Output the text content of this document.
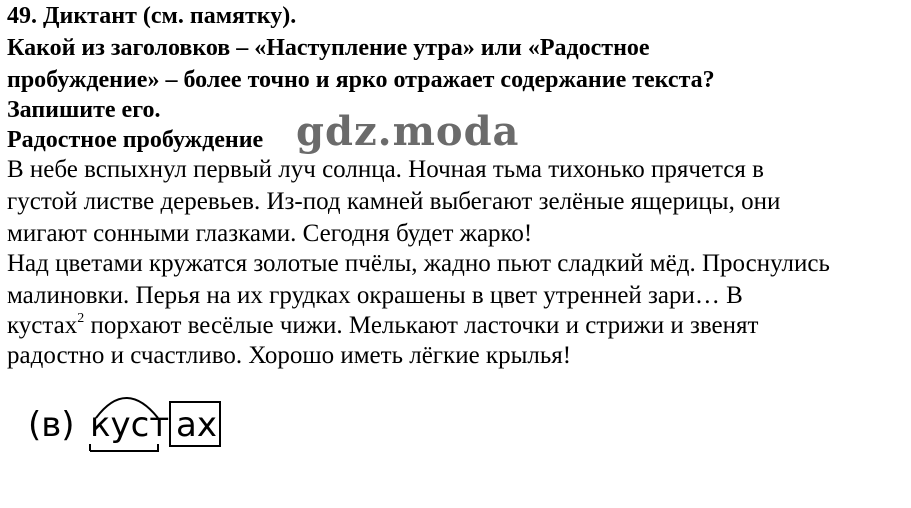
49. Диктант (см. памятку).
Какой из заголовков – «Наступление утра» или «Радостное
пробуждение» – более точно и ярко отражает содержание текста?
Запишите его.
Радостное пробуждение gdz.moda
В небе вспыхнул первый луч солнца. Ночная тьма тихонько прячется в
густой листве деревьев. Из-под камней выбегают зелёные ящерицы, они
мигают сонными глазками. Сегодня будет жарко!
Над цветами кружатся золотые пчёлы, жадно пьют сладкий мёд. Проснулись
малиновки. Перья на их грудках окрашены в цвет утренней зари… В
кустах$^2$ порхают весёлые чижи. Мелькают ласточки и стрижи и звенят
радостно и счастливо. Хорошо иметь лёгкие крылья!
(в) куст ах
